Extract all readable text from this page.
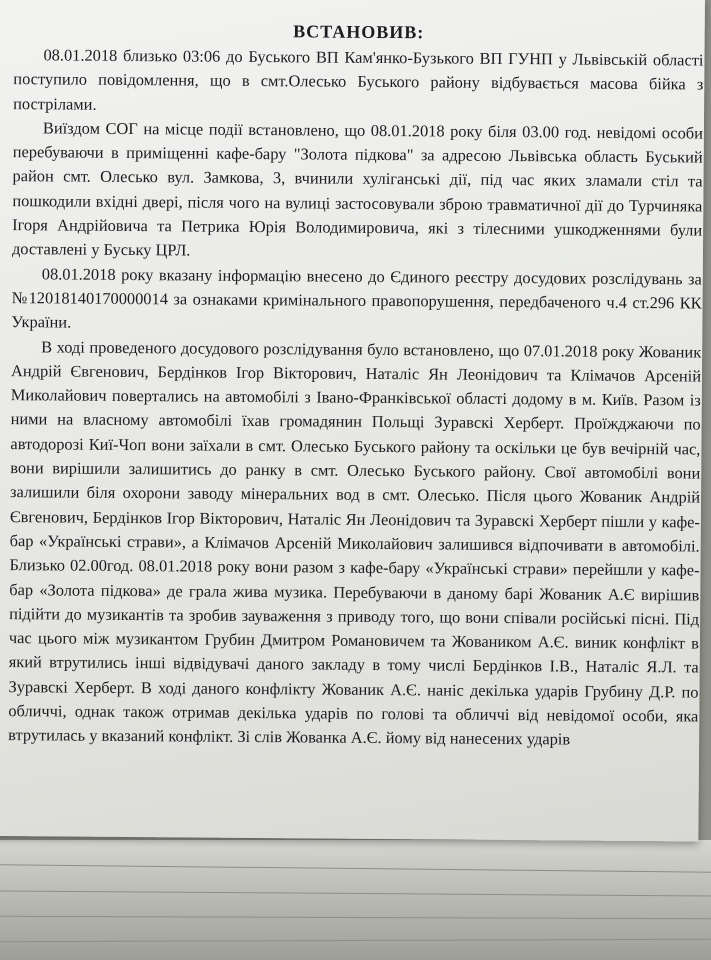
ВСТАНОВИВ:

08.01.2018 близько 03:06 до Буського ВП Кам'янко-Бузького ВП ГУНП у Львівській області поступило повідомлення, що в смт.Олесько Буського району відбувається масова бійка з пострілами.

Виїздом СОГ на місце події встановлено, що 08.01.2018 року біля 03.00 год. невідомі особи перебуваючи в приміщенні кафе-бару "Золота підкова" за адресою Львівська область Буський район смт. Олесько вул. Замкова, 3, вчинили хуліганські дії, під час яких зламали стіл та пошкодили вхідні двері, після чого на вулиці застосовували зброю травматичної дії до Турчиняка Ігоря Андрійовича та Петрика Юрія Володимировича, які з тілесними ушкодженнями були доставлені у Буську ЦРЛ.

08.01.2018 року вказану інформацію внесено до Єдиного реєстру досудових розслідувань за №12018140170000014 за ознаками кримінального правопорушення, передбаченого ч.4 ст.296 КК України.

В ході проведеного досудового розслідування було встановлено, що 07.01.2018 року Жованик Андрій Євгенович, Бердінков Ігор Вікторович, Наталіс Ян Леонідович та Клімачов Арсеній Миколайович повертались на автомобілі з Івано-Франківської області додому в м. Київ. Разом із ними на власному автомобілі їхав громадянин Польщі Зуравскі Херберт. Проїжджаючи по автодорозі Киї-Чоп вони заїхали в смт. Олесько Буського району та оскільки це був вечірній час, вони вирішили залишитись до ранку в смт. Олесько Буського району. Свої автомобілі вони залишили біля охорони заводу мінеральних вод в смт. Олесько. Після цього Жованик Андрій Євгенович, Бердінков Ігор Вікторович, Наталіс Ян Леонідович та Зуравскі Херберт пішли у кафе-бар «Українські страви», а Клімачов Арсеній Миколайович залишився відпочивати в автомобілі. Близько 02.00год. 08.01.2018 року вони разом з кафе-бару «Українські страви» перейшли у кафе-бар «Золота підкова» де грала жива музика. Перебуваючи в даному барі Жованик А.Є вирішив підійти до музикантів та зробив зауваження з приводу того, що вони співали російські пісні. Під час цього між музикантом Грубин Дмитром Романовичем та Жоваником А.Є. виник конфлікт в який втрутились інші відвідувачі даного закладу в тому числі Бердінков І.В., Наталіс Я.Л. та Зуравскі Херберт. В ході даного конфлікту Жованик А.Є. наніс декілька ударів Грубину Д.Р. по обличчі, однак також отримав декілька ударів по голові та обличчі від невідомої особи, яка втрутилась у вказаний конфлікт. Зі слів Жованка А.Є. йому від нанесених ударів
